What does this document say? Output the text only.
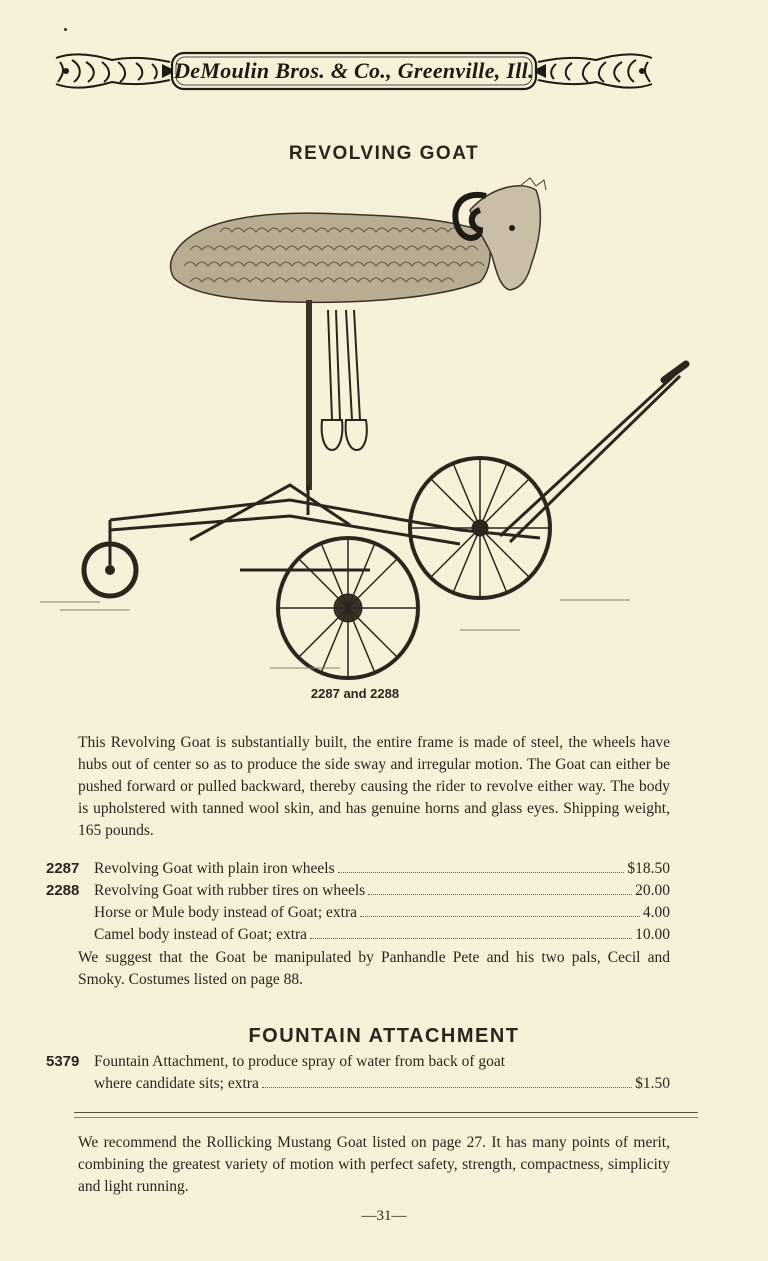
DeMoulin Bros. & Co., Greenville, Ill.
REVOLVING GOAT
2287 and 2288
This Revolving Goat is substantially built, the entire frame is made of steel, the wheels have hubs out of center so as to produce the side sway and irregular motion. The Goat can either be pushed forward or pulled backward, thereby causing the rider to revolve either way. The body is upholstered with tanned wool skin, and has genuine horns and glass eyes. Shipping weight, 165 pounds.
2287 Revolving Goat with plain iron wheels	$18.50
2288 Revolving Goat with rubber tires on wheels	20.00
Horse or Mule body instead of Goat; extra	4.00
Camel body instead of Goat; extra	10.00
We suggest that the Goat be manipulated by Panhandle Pete and his two pals, Cecil and Smoky. Costumes listed on page 88.
FOUNTAIN ATTACHMENT
5379 Fountain Attachment, to produce spray of water from back of goat
where candidate sits; extra	$1.50
We recommend the Rollicking Mustang Goat listed on page 27. It has many points of merit, combining the greatest variety of motion with perfect safety, strength, compactness, simplicity and light running.
—31—
